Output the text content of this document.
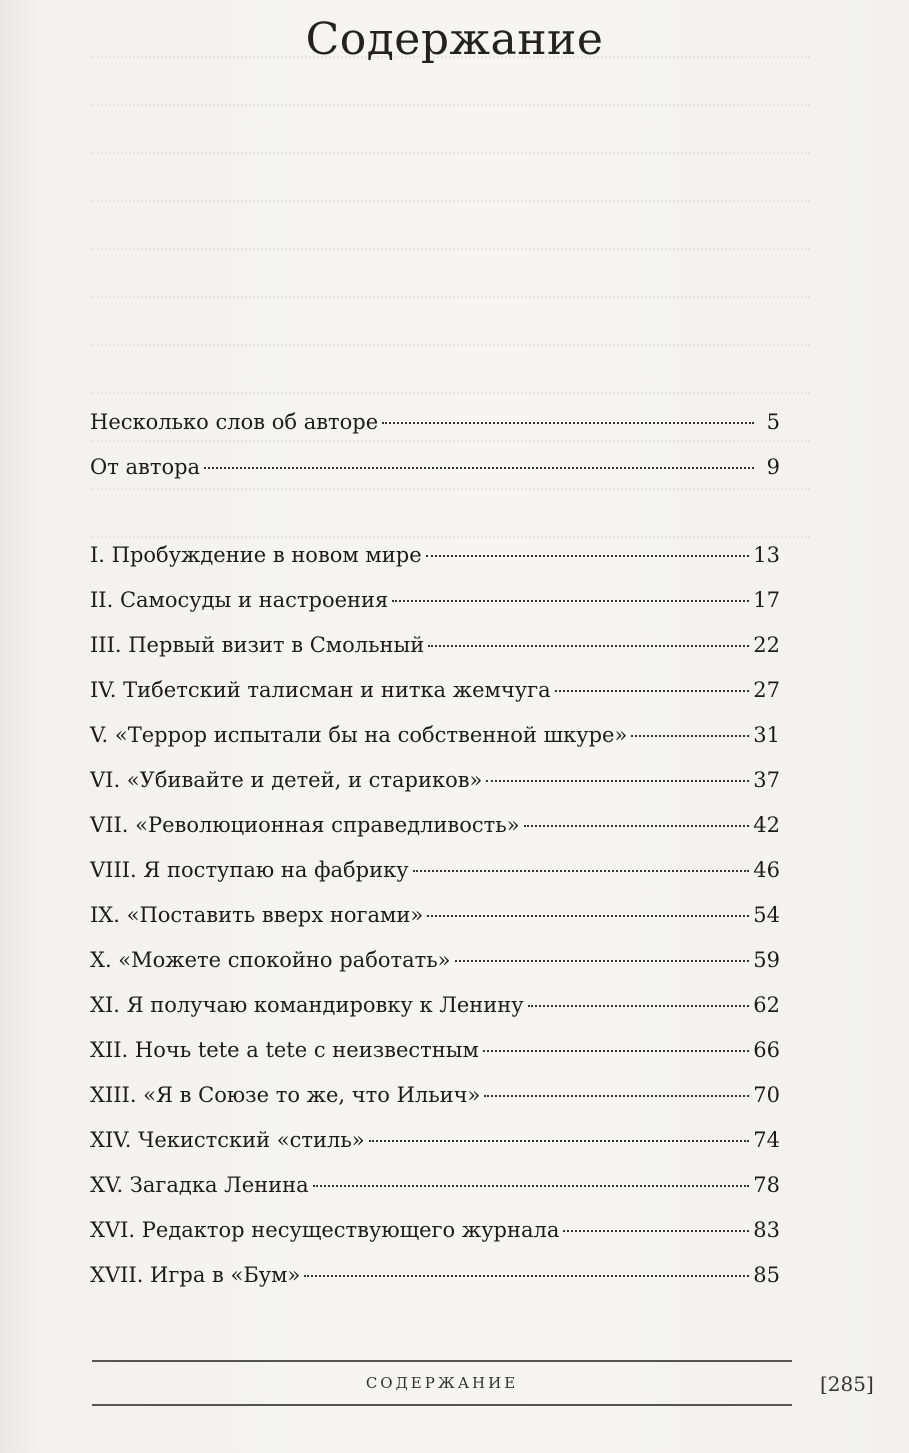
Содержание
Несколько слов об авторе	5
От автора	9
I. Пробуждение в новом мире	13
II. Самосуды и настроения	17
III. Первый визит в Смольный	22
IV. Тибетский талисман и нитка жемчуга	27
V. «Террор испытали бы на собственной шкуре»	31
VI. «Убивайте и детей, и стариков»	37
VII. «Революционная справедливость»	42
VIII. Я поступаю на фабрику	46
IX. «Поставить вверх ногами»	54
X. «Можете спокойно работать»	59
XI. Я получаю командировку к Ленину	62
XII. Ночь tete a tete с неизвестным	66
XIII. «Я в Союзе то же, что Ильич»	70
XIV. Чекистский «стиль»	74
XV. Загадка Ленина	78
XVI. Редактор несуществующего журнала	83
XVII. Игра в «Бум»	85
СОДЕРЖАНИЕ	[285]
